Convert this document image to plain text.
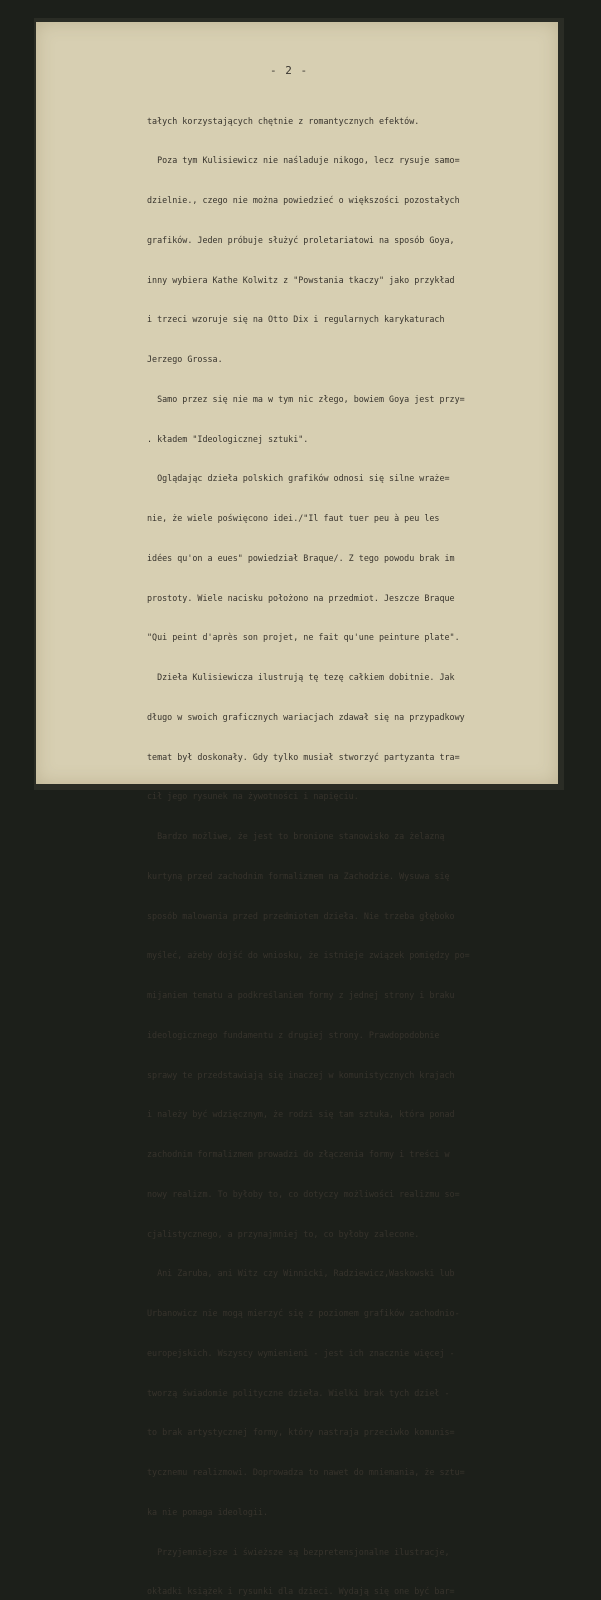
- 2 -

tałych korzystających chętnie z romantycznych efektów.

Poza tym Kulisiewicz nie naśladuje nikogo, lecz rysuje samo=

dzielnie., czego nie można powiedzieć o większości pozostałych

grafików. Jeden próbuje służyć proletariatowi na sposób Goya,

inny wybiera Kathe Kolwitz z "Powstania tkaczy" jako przykład

i trzeci wzoruje się na Otto Dix i regularnych karykaturach

Jerzego Grossa.

Samo przez się nie ma w tym nic złego, bowiem Goya jest przy=

. kładem "Ideologicznej sztuki".

Oglądając dzieła polskich grafików odnosi się silne wraże=

nie, że wiele poświęcono idei./"Il faut tuer peu à peu les

idées qu'on a eues" powiedział Braque/. Z tego powodu brak im

prostoty. Wiele nacisku położono na przedmiot. Jeszcze Braque

"Qui peint d'après son projet, ne fait qu'une peinture plate".

Dzieła Kulisiewicza ilustrują tę tezę całkiem dobitnie. Jak

długo w swoich graficznych wariacjach zdawał się na przypadkowy

temat był doskonały. Gdy tylko musiał stworzyć partyzanta tra=

cił jego rysunek na żywotności i napięciu.

Bardzo możliwe, że jest to bronione stanowisko za żelazną

kurtyną przed zachodnim formalizmem na Zachodzie. Wysuwa się

sposób malowania przed przedmiotem dzieła. Nie trzeba głęboko

myśleć, ażeby dojść do wniosku, że istnieje związek pomiędzy po=

mijaniem tematu a podkreślaniem formy z jednej strony i braku

ideologicznego fundamentu z drugiej strony. Prawdopodobnie

sprawy te przedstawiają się inaczej w komunistycznych krajach

i należy być wdzięcznym, że rodzi się tam sztuka, która ponad

zachodnim formalizmem prowadzi do złączenia formy i treści w

nowy realizm. To byłoby to, co dotyczy możliwości realizmu so=

cjalistycznego, a przynajmniej to, co byłoby zalecone.

Ani Zaruba, ani Witz czy Winnicki, Radziewicz,Waskowski lub

Urbanowicz nie mogą mierzyć się z poziomem grafików zachodnio-

europejskich. Wszyscy wymienieni - jest ich znacznie więcej -

tworzą świadomie polityczne dzieła. Wielki brak tych dzieł -

to brak artystycznej formy, który nastraja przeciwko komunis=

tycznemu realizmowi. Doprowadza to nawet do mniemania, że sztu=

ka nie pomaga ideologii.

Przyjemniejsze i świeższe są bezpretensjonalne ilustracje,

okładki książek i rysunki dla dzieci. Wydają się one być bar=
